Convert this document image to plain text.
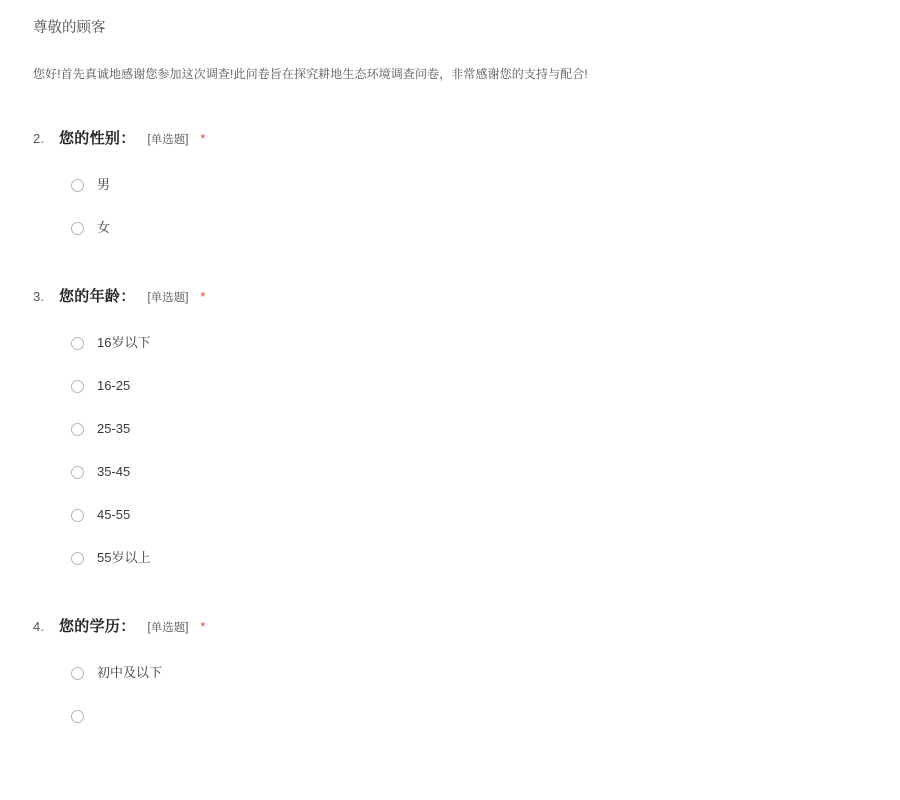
尊敬的顾客

您好!首先真诚地感谢您参加这次调查!此问卷旨在探究耕地生态环境调查问卷，非常感谢您的支持与配合!

2.	您的性别： [单选题] *
男
女
3.	您的年龄： [单选题] *
16岁以下
16-25
25-35
35-45
45-55
55岁以上
4.	您的学历： [单选题] *
初中及以下
